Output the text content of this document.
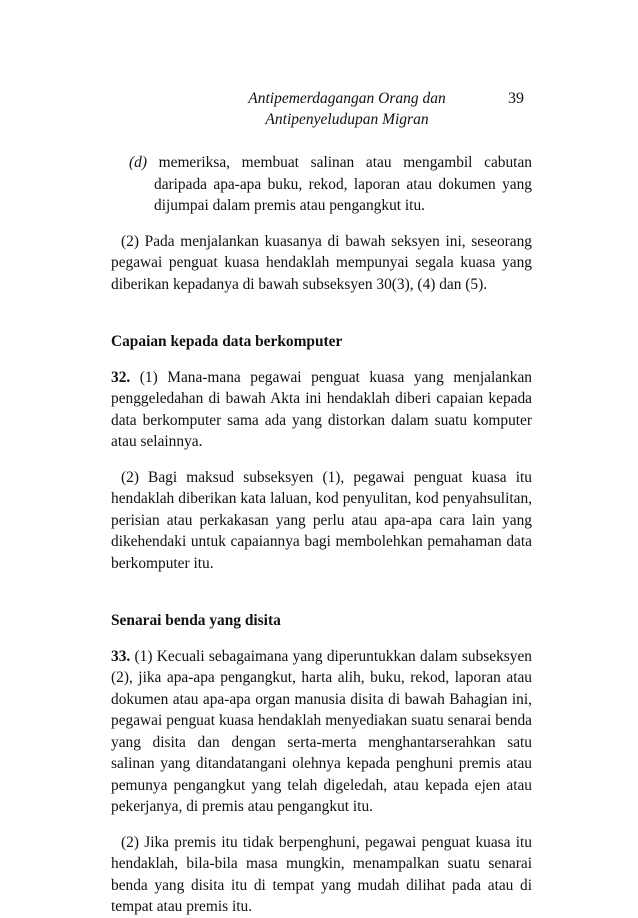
Antipemerdagangan Orang dan
Antipenyeludupan Migran
39

(d) memeriksa, membuat salinan atau mengambil cabutan daripada apa-apa buku, rekod, laporan atau dokumen yang dijumpai dalam premis atau pengangkut itu.

(2) Pada menjalankan kuasanya di bawah seksyen ini, seseorang pegawai penguat kuasa hendaklah mempunyai segala kuasa yang diberikan kepadanya di bawah subseksyen 30(3), (4) dan (5).

Capaian kepada data berkomputer

32. (1) Mana-mana pegawai penguat kuasa yang menjalankan penggeledahan di bawah Akta ini hendaklah diberi capaian kepada data berkomputer sama ada yang distorkan dalam suatu komputer atau selainnya.

(2) Bagi maksud subseksyen (1), pegawai penguat kuasa itu hendaklah diberikan kata laluan, kod penyulitan, kod penyahsulitan, perisian atau perkakasan yang perlu atau apa-apa cara lain yang dikehendaki untuk capaiannya bagi membolehkan pemahaman data berkomputer itu.

Senarai benda yang disita

33. (1) Kecuali sebagaimana yang diperuntukkan dalam subseksyen (2), jika apa-apa pengangkut, harta alih, buku, rekod, laporan atau dokumen atau apa-apa organ manusia disita di bawah Bahagian ini, pegawai penguat kuasa hendaklah menyediakan suatu senarai benda yang disita dan dengan serta-merta menghantarserahkan satu salinan yang ditandatangani olehnya kepada penghuni premis atau pemunya pengangkut yang telah digeledah, atau kepada ejen atau pekerjanya, di premis atau pengangkut itu.

(2) Jika premis itu tidak berpenghuni, pegawai penguat kuasa itu hendaklah, bila-bila masa mungkin, menampalkan suatu senarai benda yang disita itu di tempat yang mudah dilihat pada atau di tempat atau premis itu.
